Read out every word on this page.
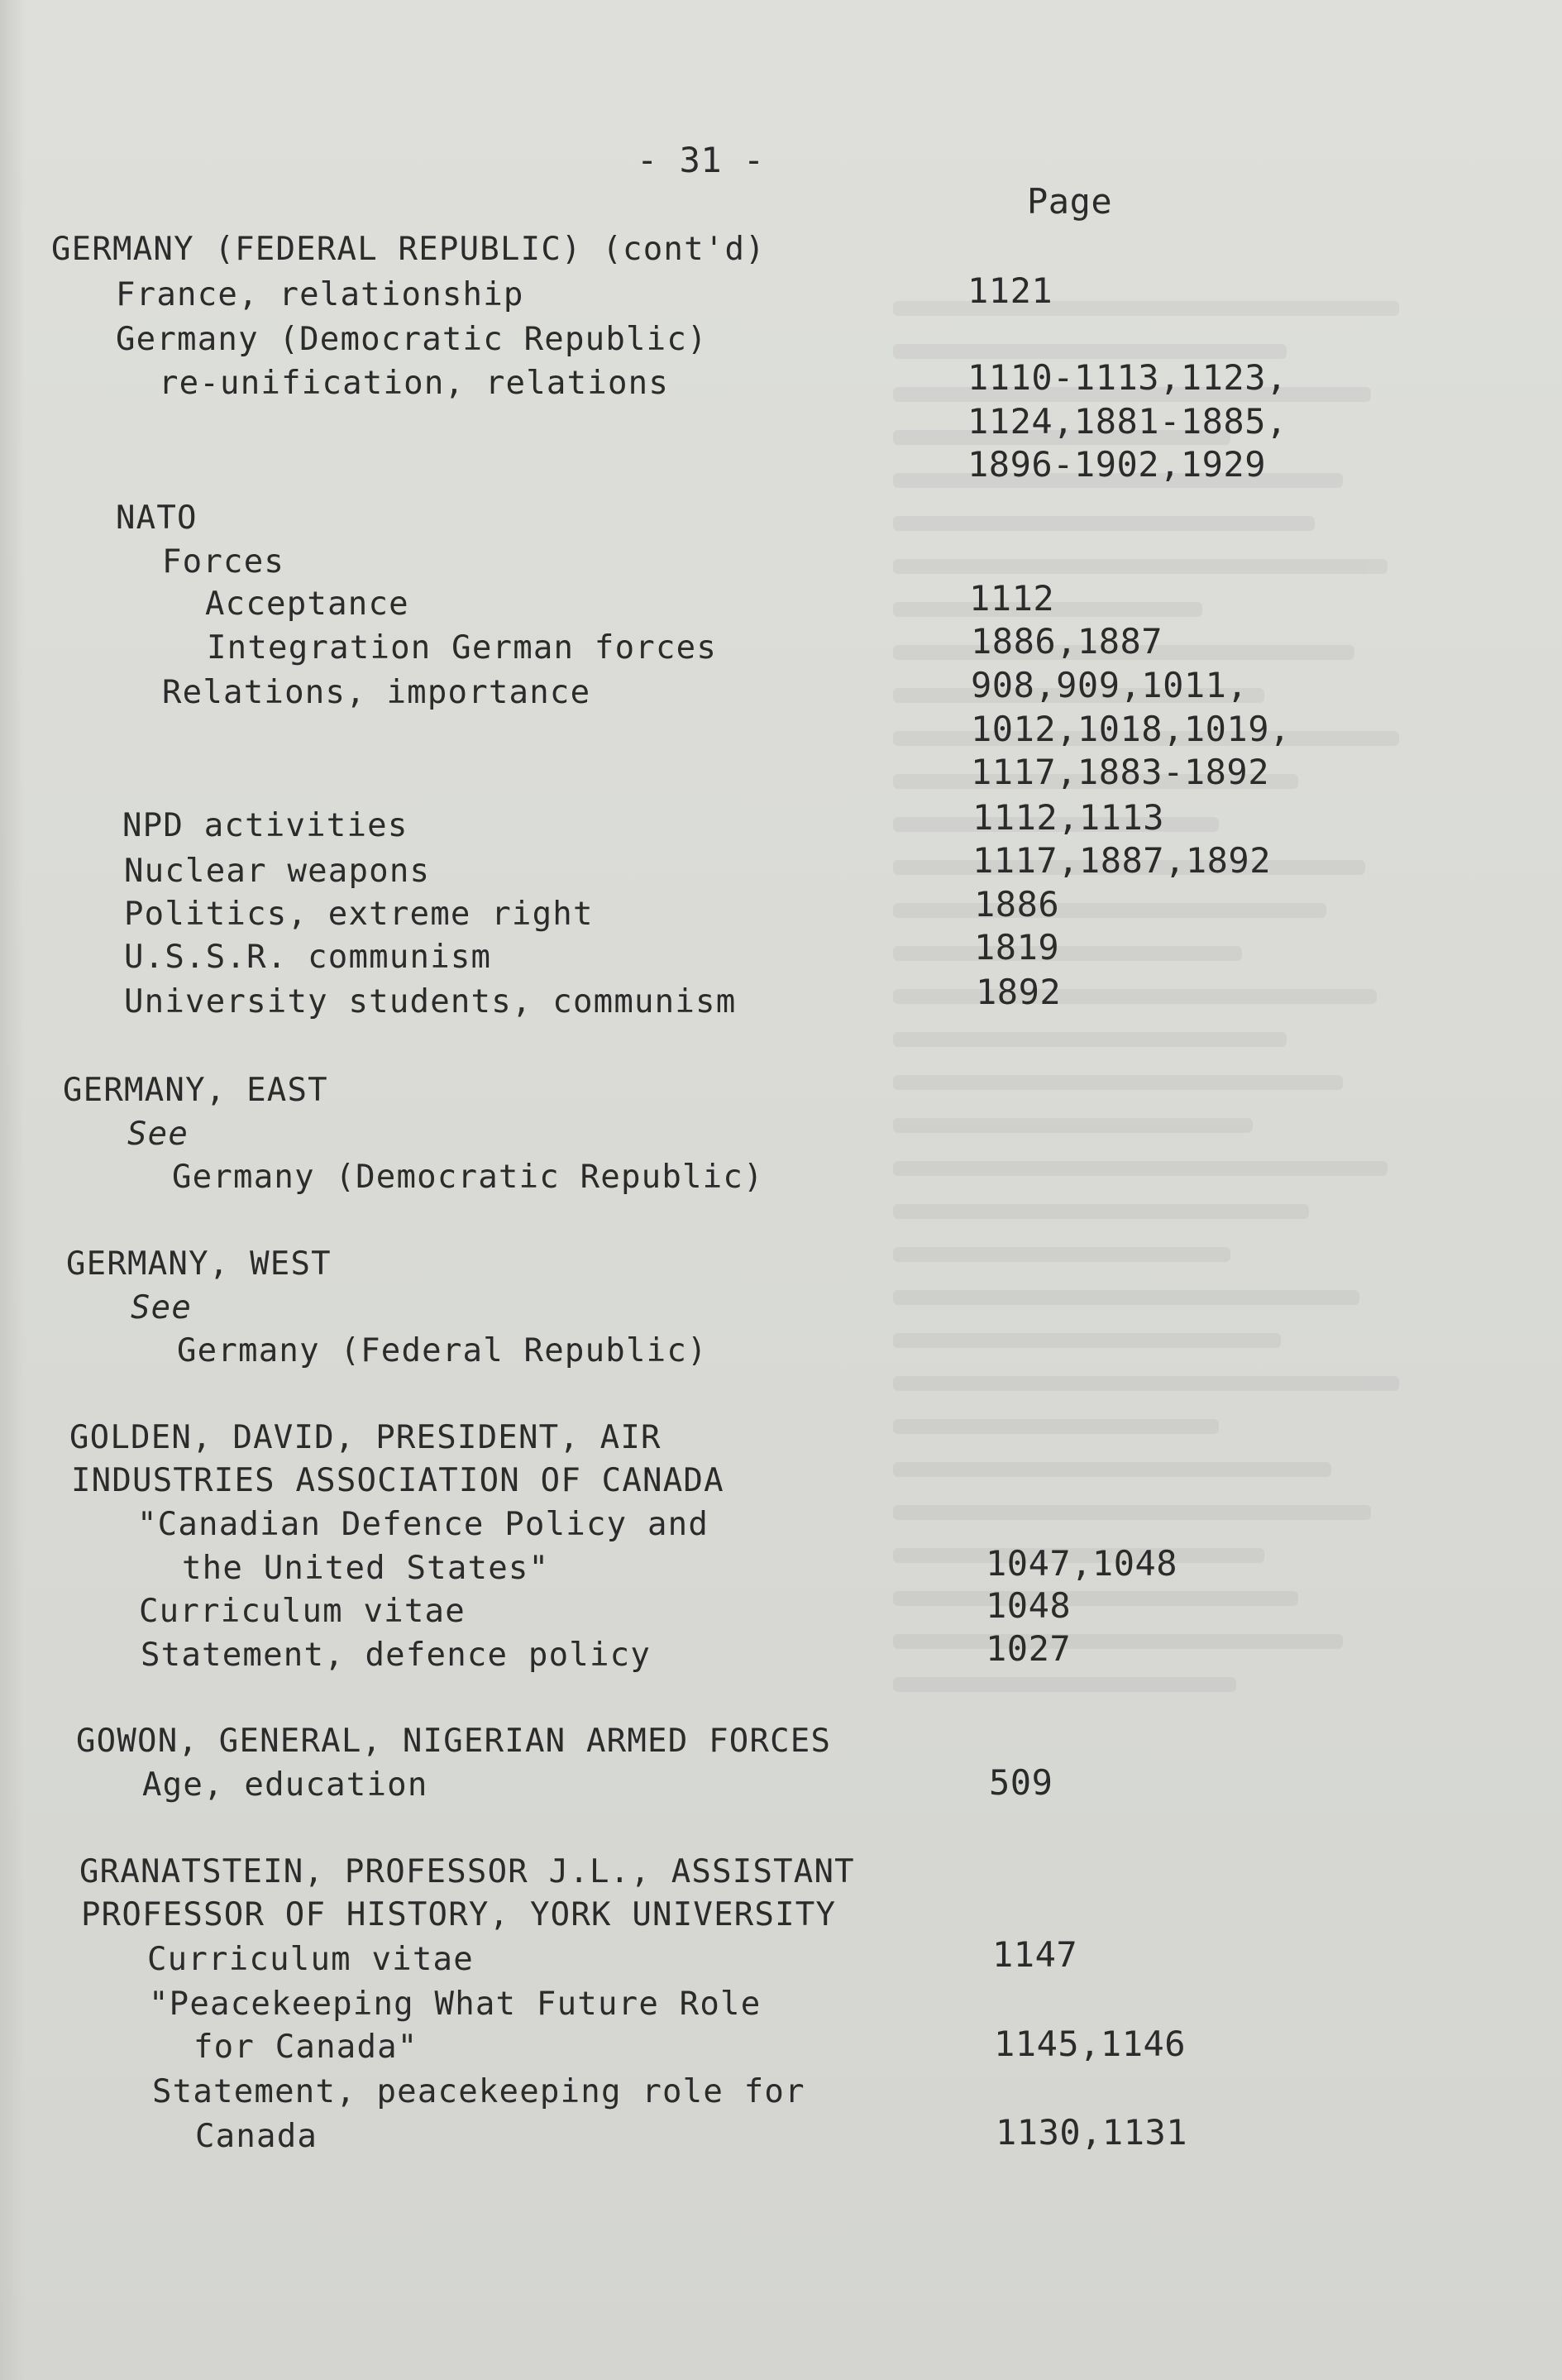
- 31 -
Page
GERMANY (FEDERAL REPUBLIC) (cont'd)
France, relationship	1121
Germany (Democratic Republic)
re-unification, relations	1110-1113,1123,
1124,1881-1885,
1896-1902,1929
NATO
Forces
Acceptance	1112
Integration German forces	1886,1887
Relations, importance	908,909,1011,
1012,1018,1019,
1117,1883-1892
NPD activities	1112,1113
Nuclear weapons	1117,1887,1892
Politics, extreme right	1886
U.S.S.R. communism	1819
University students, communism	1892
GERMANY, EAST
See
Germany (Democratic Republic)
GERMANY, WEST
See
Germany (Federal Republic)
GOLDEN, DAVID, PRESIDENT, AIR
INDUSTRIES ASSOCIATION OF CANADA
"Canadian Defence Policy and
the United States"	1047,1048
Curriculum vitae	1048
Statement, defence policy	1027
GOWON, GENERAL, NIGERIAN ARMED FORCES
Age, education	509
GRANATSTEIN, PROFESSOR J.L., ASSISTANT
PROFESSOR OF HISTORY, YORK UNIVERSITY
Curriculum vitae	1147
"Peacekeeping What Future Role
for Canada"	1145,1146
Statement, peacekeeping role for
Canada	1130,1131
